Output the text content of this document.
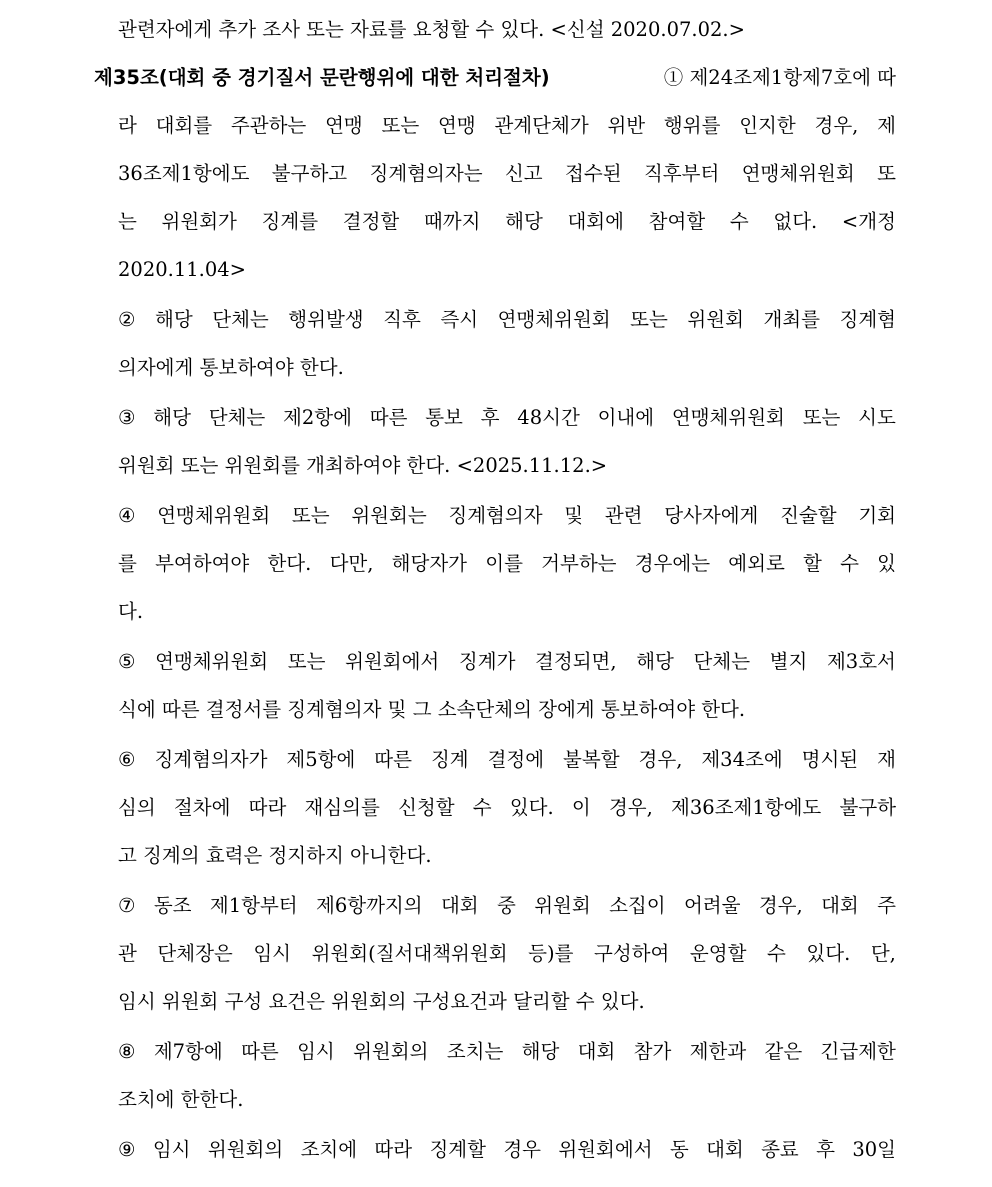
관련자에게 추가 조사 또는 자료를 요청할 수 있다. <신설 2020.07.02.>
제35조(대회 중 경기질서 문란행위에 대한 처리절차)	① 제24조제1항제7호에 따
라 대회를 주관하는 연맹 또는 연맹 관계단체가 위반 행위를 인지한 경우, 제
36조제1항에도 불구하고 징계혐의자는 신고 접수된 직후부터 연맹체위원회 또
는 위원회가 징계를 결정할 때까지 해당 대회에 참여할 수 없다. <개정
2020.11.04>
② 해당 단체는 행위발생 직후 즉시 연맹체위원회 또는 위원회 개최를 징계혐
의자에게 통보하여야 한다.
③ 해당 단체는 제2항에 따른 통보 후 48시간 이내에 연맹체위원회 또는 시도
위원회 또는 위원회를 개최하여야 한다. <2025.11.12.>
④ 연맹체위원회 또는 위원회는 징계혐의자 및 관련 당사자에게 진술할 기회
를 부여하여야 한다. 다만, 해당자가 이를 거부하는 경우에는 예외로 할 수 있
다.
⑤ 연맹체위원회 또는 위원회에서 징계가 결정되면, 해당 단체는 별지 제3호서
식에 따른 결정서를 징계혐의자 및 그 소속단체의 장에게 통보하여야 한다.
⑥ 징계혐의자가 제5항에 따른 징계 결정에 불복할 경우, 제34조에 명시된 재
심의 절차에 따라 재심의를 신청할 수 있다. 이 경우, 제36조제1항에도 불구하
고 징계의 효력은 정지하지 아니한다.
⑦ 동조 제1항부터 제6항까지의 대회 중 위원회 소집이 어려울 경우, 대회 주
관 단체장은 임시 위원회(질서대책위원회 등)를 구성하여 운영할 수 있다. 단,
임시 위원회 구성 요건은 위원회의 구성요건과 달리할 수 있다.
⑧ 제7항에 따른 임시 위원회의 조치는 해당 대회 참가 제한과 같은 긴급제한
조치에 한한다.
⑨ 임시 위원회의 조치에 따라 징계할 경우 위원회에서 동 대회 종료 후 30일
